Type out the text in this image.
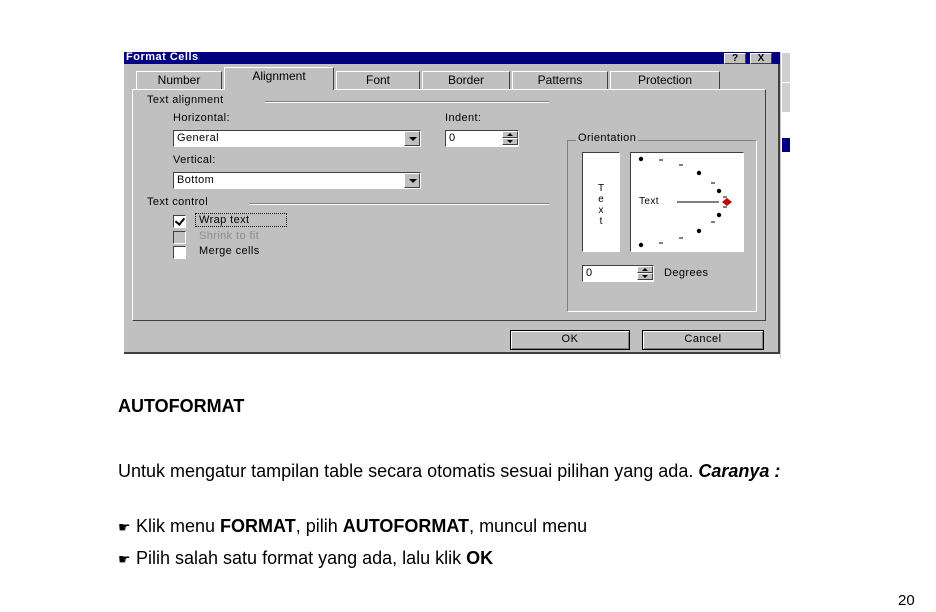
Format Cells	?	X
Number	Alignment	Font	Border	Patterns	Protection
Text alignment
Horizontal:
General
Indent:
0
Vertical:
Bottom
Text control
Wrap text
Shrink to fit
Merge cells
Orientation
T
e
x
t
Text
0	Degrees
OK	Cancel
AUTOFORMAT
Untuk mengatur tampilan table secara otomatis sesuai pilihan yang ada. Caranya :
☛ Klik menu FORMAT, pilih AUTOFORMAT, muncul menu
☛ Pilih salah satu format yang ada, lalu klik OK
20
